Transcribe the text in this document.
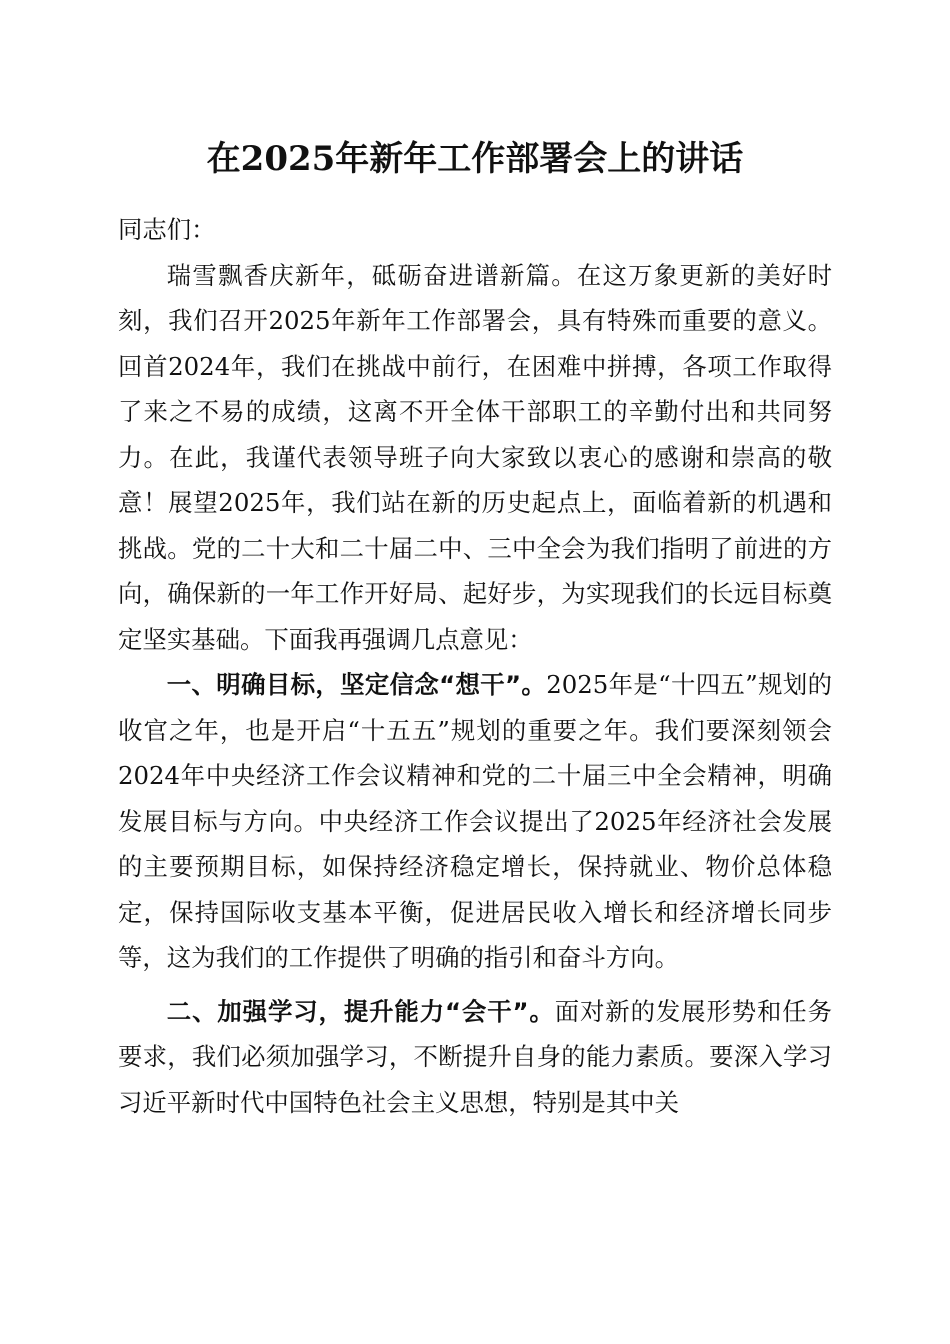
在2025年新年工作部署会上的讲话

同志们：

瑞雪飘香庆新年，砥砺奋进谱新篇。在这万象更新的美好时刻，我们召开2025年新年工作部署会，具有特殊而重要的意义。回首2024年，我们在挑战中前行，在困难中拼搏，各项工作取得了来之不易的成绩，这离不开全体干部职工的辛勤付出和共同努力。在此，我谨代表领导班子向大家致以衷心的感谢和崇高的敬意！展望2025年，我们站在新的历史起点上，面临着新的机遇和挑战。党的二十大和二十届二中、三中全会为我们指明了前进的方向，确保新的一年工作开好局、起好步，为实现我们的长远目标奠定坚实基础。下面我再强调几点意见：

一、明确目标，坚定信念“想干”。2025年是“十四五”规划的收官之年，也是开启“十五五”规划的重要之年。我们要深刻领会2024年中央经济工作会议精神和党的二十届三中全会精神，明确发展目标与方向。中央经济工作会议提出了2025年经济社会发展的主要预期目标，如保持经济稳定增长，保持就业、物价总体稳定，保持国际收支基本平衡，促进居民收入增长和经济增长同步等，这为我们的工作提供了明确的指引和奋斗方向。

二、加强学习，提升能力“会干”。面对新的发展形势和任务要求，我们必须加强学习，不断提升自身的能力素质。要深入学习习近平新时代中国特色社会主义思想，特别是其中关
